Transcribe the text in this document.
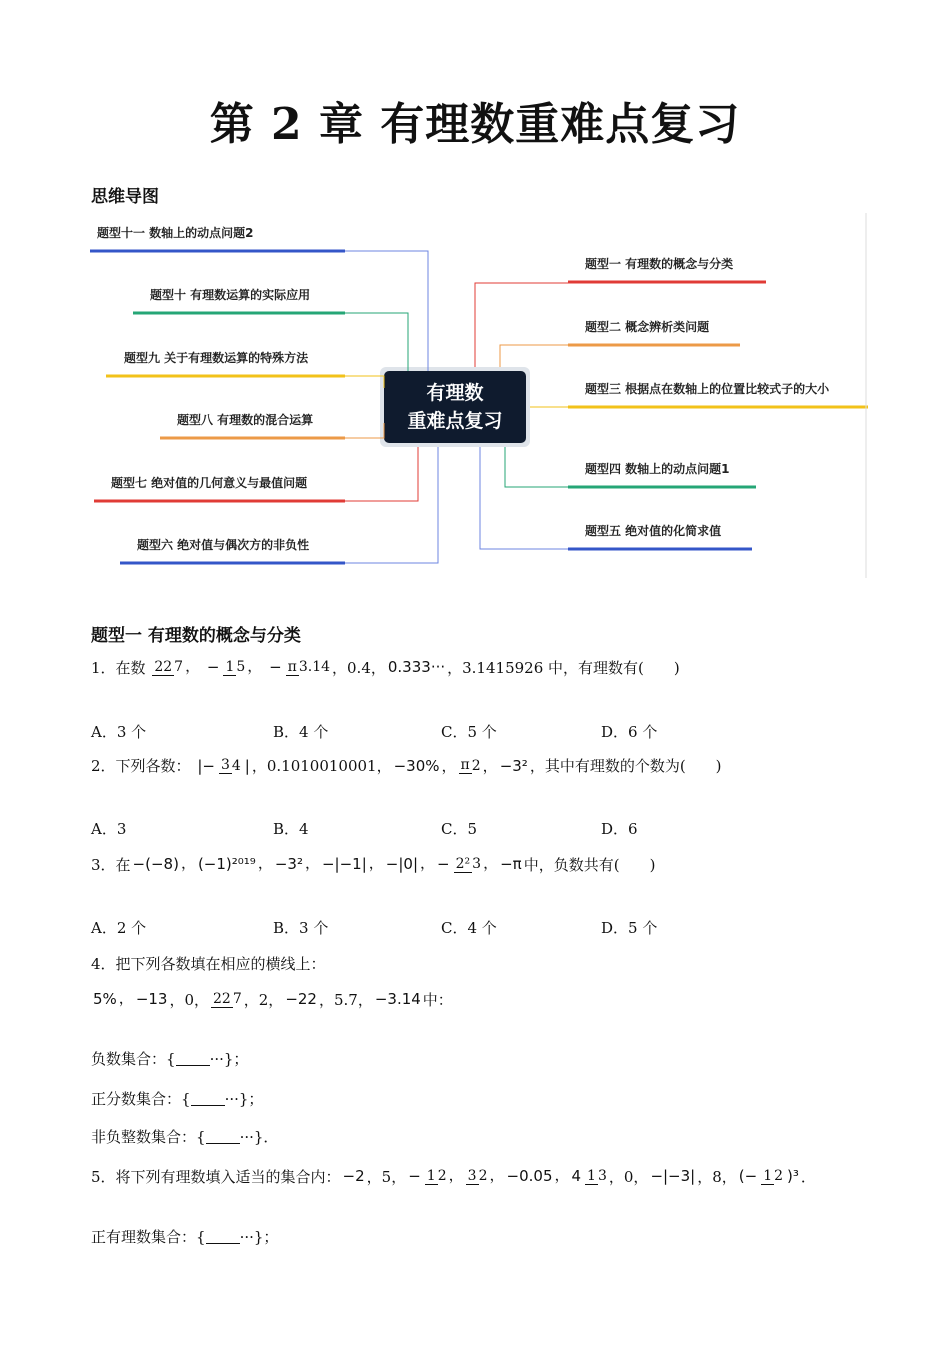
第 2 章 有理数重难点复习
思维导图
有理数
重难点复习
题型一 有理数的概念与分类
题型二 概念辨析类问题
题型三 根据点在数轴上的位置比较式子的大小
题型四 数轴上的动点问题1
题型五 绝对值的化简求值
题型十一 数轴上的动点问题2
题型十 有理数运算的实际应用
题型九 关于有理数运算的特殊方法
题型八 有理数的混合运算
题型七 绝对值的几何意义与最值问题
题型六 绝对值与偶次方的非负性
题型一 有理数的概念与分类
1．在数 22 7 ， − 1 5 ， − π 3.14 ，0.4， 0.333··· ，3.1415926 中，有理数有(　　)
A．3 个	B．4 个	C．5 个	D．6 个
2．下列各数： |− 3 4 | ，0.1010010001， −30% ， π 2 ， −3² ，其中有理数的个数为(　　)
A．3	B．4	C．5	D．6
3．在 −(−8) ， (−1)²⁰¹⁹ ， −3² ， −|−1| ， −|0| ， − 2² 3 ， −π 中，负数共有(　　)
A．2 个	B．3 个	C．4 个	D．5 个
4．把下列各数填在相应的横线上：
5% ， −13 ，0， 22 7 ，2， −22 ，5.7， −3.14 中：
负数集合：{ ···}；
正分数集合：{ ···}；
非负整数集合：{ ···}．
5．将下列有理数填入适当的集合内： −2 ，5， − 1 2 ， 3 2 ， −0.05 ， 4 1 3 ，0， −|−3| ，8， (− 1 2 )³ ．
正有理数集合：{ ···}；
